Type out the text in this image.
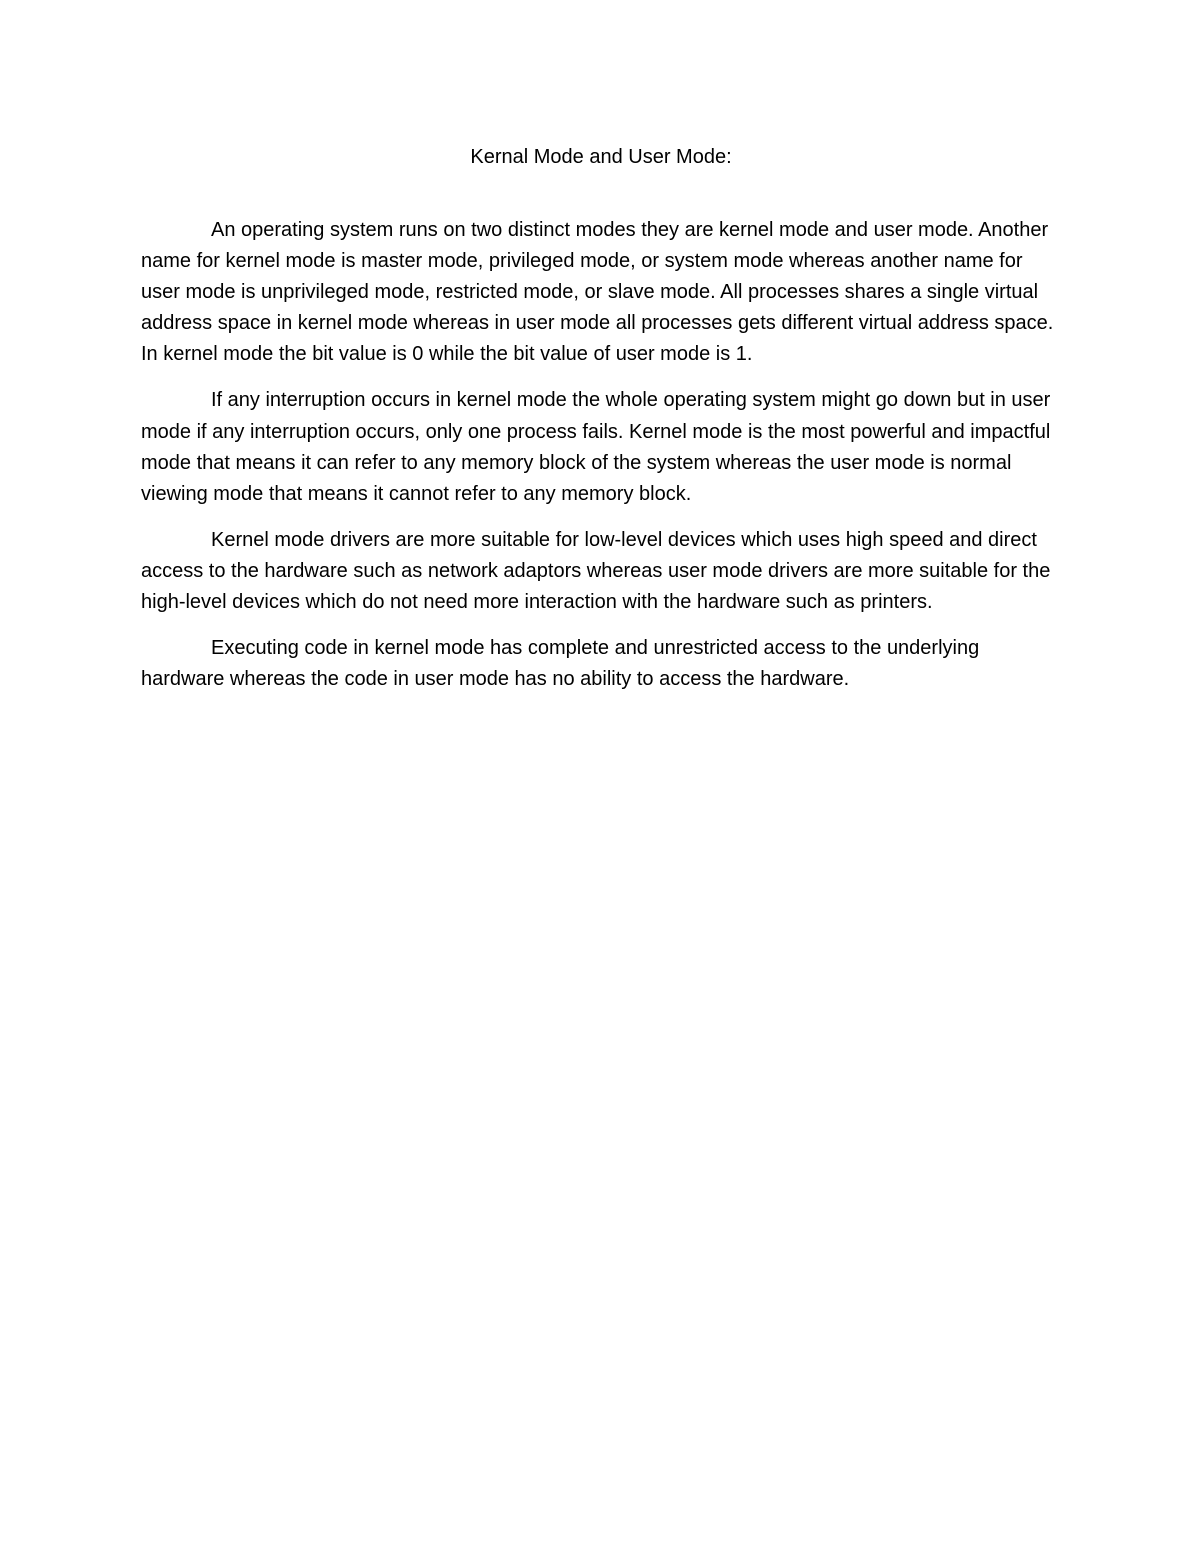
Kernal Mode and User Mode:

An operating system runs on two distinct modes they are kernel mode and user mode. Another name for kernel mode is master mode, privileged mode, or system mode whereas another name for user mode is unprivileged mode, restricted mode, or slave mode. All processes shares a single virtual address space in kernel mode whereas in user mode all processes gets different virtual address space. In kernel mode the bit value is 0 while the bit value of user mode is 1.

If any interruption occurs in kernel mode the whole operating system might go down but in user mode if any interruption occurs, only one process fails. Kernel mode is the most powerful and impactful mode that means it can refer to any memory block of the system whereas the user mode is normal viewing mode that means it cannot refer to any memory block.

Kernel mode drivers are more suitable for low-level devices which uses high speed and direct access to the hardware such as network adaptors whereas user mode drivers are more suitable for the high-level devices which do not need more interaction with the hardware such as printers.

Executing code in kernel mode has complete and unrestricted access to the underlying hardware whereas the code in user mode has no ability to access the hardware.
